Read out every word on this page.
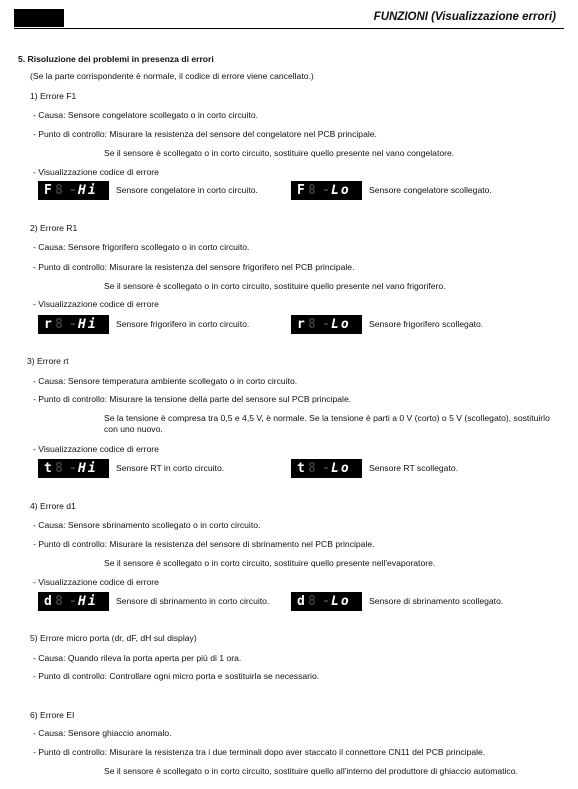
FUNZIONI (Visualizzazione errori)
5. Risoluzione dei problemi in presenza di errori
(Se la parte corrispondente è normale, il codice di errore viene cancellato.)
1) Errore F1
- Causa: Sensore congelatore scollegato o in corto circuito.
- Punto di controllo: Misurare la resistenza del sensore del congelatore nel PCB principale.
Se il sensore è scollegato o in corto circuito, sostituire quello presente nel vano congelatore.
- Visualizzazione codice di errore
F 8 - Hi Sensore congelatore in corto circuito.	F 8 - Lo Sensore congelatore scollegato.
2) Errore R1
- Causa: Sensore frigorifero scollegato o in corto circuito.
- Punto di controllo: Misurare la resistenza del sensore frigorifero nel PCB principale.
Se il sensore è scollegato o in corto circuito, sostituire quello presente nel vano frigorifero.
- Visualizzazione codice di errore
r 8 - Hi Sensore frigorifero in corto circuito.	r 8 - Lo Sensore frigorifero scollegato.
3) Errore rt
- Causa: Sensore temperatura ambiente scollegato o in corto circuito.
- Punto di controllo: Misurare la tensione della parte del sensore sul PCB principale.
Se la tensione è compresa tra 0,5 e 4,5 V, è normale. Se la tensione è parti a 0 V (corto) o 5 V (scollegato), sostituirlo con uno nuovo.
- Visualizzazione codice di errore
t 8 - Hi Sensore RT in corto circuito.	t 8 - Lo Sensore RT scollegato.
4) Errore d1
- Causa: Sensore sbrinamento scollegato o in corto circuito.
- Punto di controllo: Misurare la resistenza del sensore di sbrinamento nel PCB principale.
Se il sensore è scollegato o in corto circuito, sostituire quello presente nell'evaporatore.
- Visualizzazione codice di errore
d 8 - Hi Sensore di sbrinamento in corto circuito. d 8 - Lo Sensore di sbrinamento scollegato.
5) Errore micro porta (dr, dF, dH sul display)
- Causa: Quando rileva la porta aperta per più di 1 ora.
- Punto di controllo: Controllare ogni micro porta e sostituirla se necessario.
6) Errore EI
- Causa: Sensore ghiaccio anomalo.
- Punto di controllo: Misurare la resistenza tra i due terminali dopo aver staccato il connettore CN11 del PCB principale.
Se il sensore è scollegato o in corto circuito, sostituire quello all'interno del produttore di ghiaccio automatico.
